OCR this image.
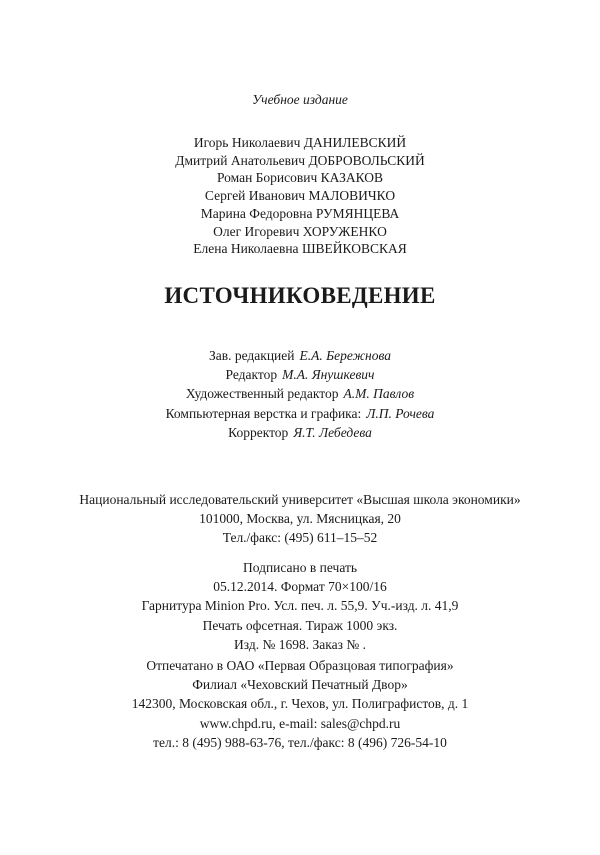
Учебное издание
Игорь Николаевич ДАНИЛЕВСКИЙ
Дмитрий Анатольевич ДОБРОВОЛЬСКИЙ
Роман Борисович КАЗАКОВ
Сергей Иванович МАЛОВИЧКО
Марина Федоровна РУМЯНЦЕВА
Олег Игоревич ХОРУЖЕНКО
Елена Николаевна ШВЕЙКОВСКАЯ
ИСТОЧНИКОВЕДЕНИЕ
Зав. редакцией Е.А. Бережнова
Редактор М.А. Янушкевич
Художественный редактор А.М. Павлов
Компьютерная верстка и графика: Л.П. Рочева
Корректор Я.Т. Лебедева
Национальный исследовательский университет «Высшая школа экономики»
101000, Москва, ул. Мясницкая, 20
Тел./факс: (495) 611–15–52
Подписано в печать
05.12.2014. Формат 70×100/16
Гарнитура Minion Pro. Усл. печ. л. 55,9. Уч.-изд. л. 41,9
Печать офсетная. Тираж 1000 экз.
Изд. № 1698. Заказ № .
Отпечатано в ОАО «Первая Образцовая типография»
Филиал «Чеховский Печатный Двор»
142300, Московская обл., г. Чехов, ул. Полиграфистов, д. 1
www.chpd.ru, e-mail: sales@chpd.ru
тел.: 8 (495) 988-63-76, тел./факс: 8 (496) 726-54-10
